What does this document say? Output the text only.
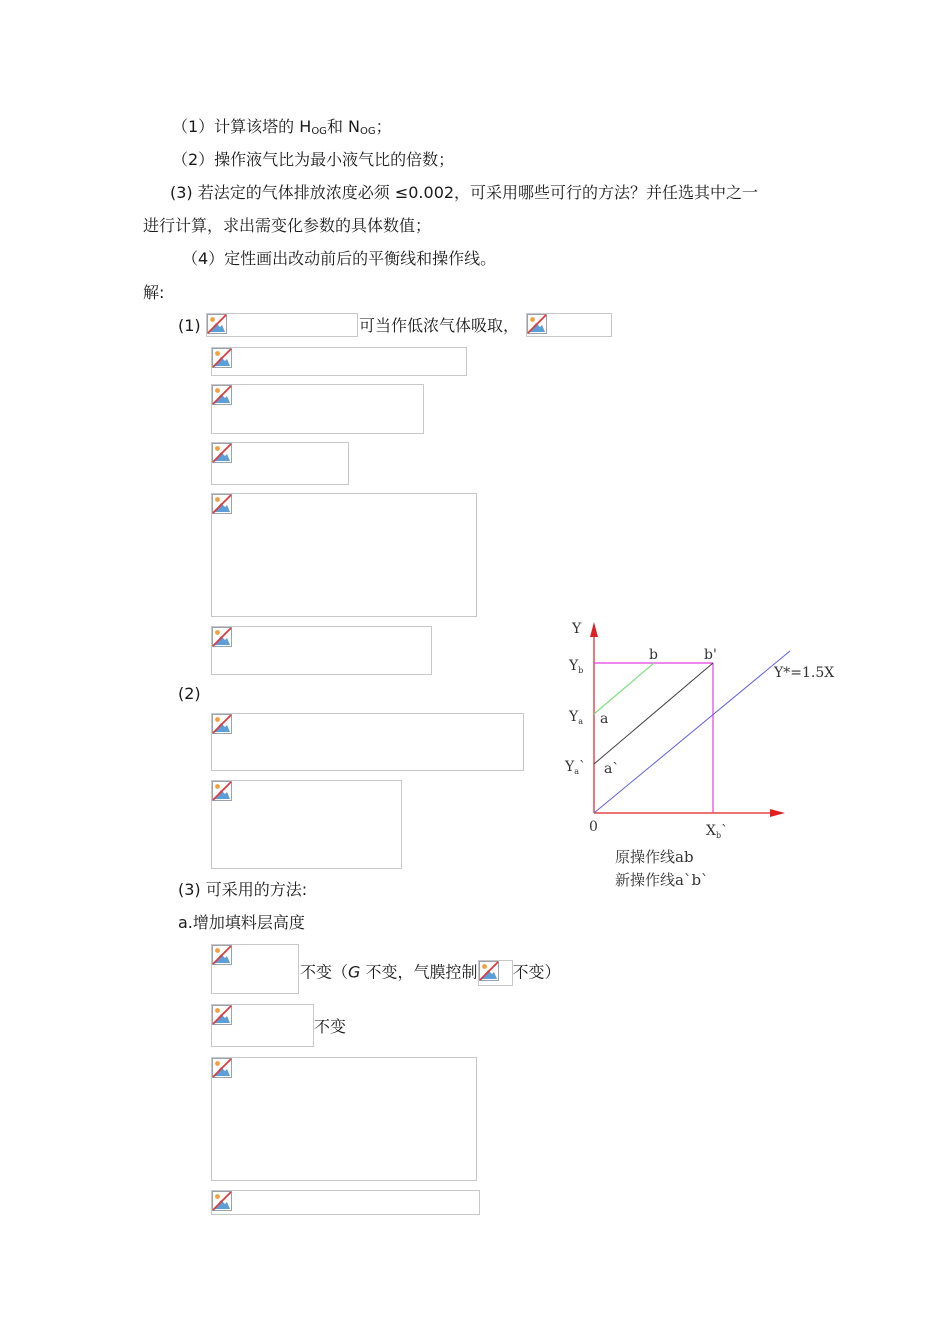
（1）计算该塔的 $H_{OG}$和 $N_{OG}$；
（2）操作液气比为最小液气比的倍数；
(3) 若法定的气体排放浓度必须 ≤0.002，可采用哪些可行的方法？并任选其中之一
进行计算，求出需变化参数的具体数值；
（4）定性画出改动前后的平衡线和操作线。
解:
(1)	可当作低浓气体吸取，
(2)
(3) 可采用的方法:
a.增加填料层高度
不变（G 不变，气膜控制 不变）
不变
Y
$Y_b$
$Y_a$
$Y_a`$
a
a`
b	b'
Y*=1.5X
0	$X_b`$
原操作线ab
新操作线a`b`
